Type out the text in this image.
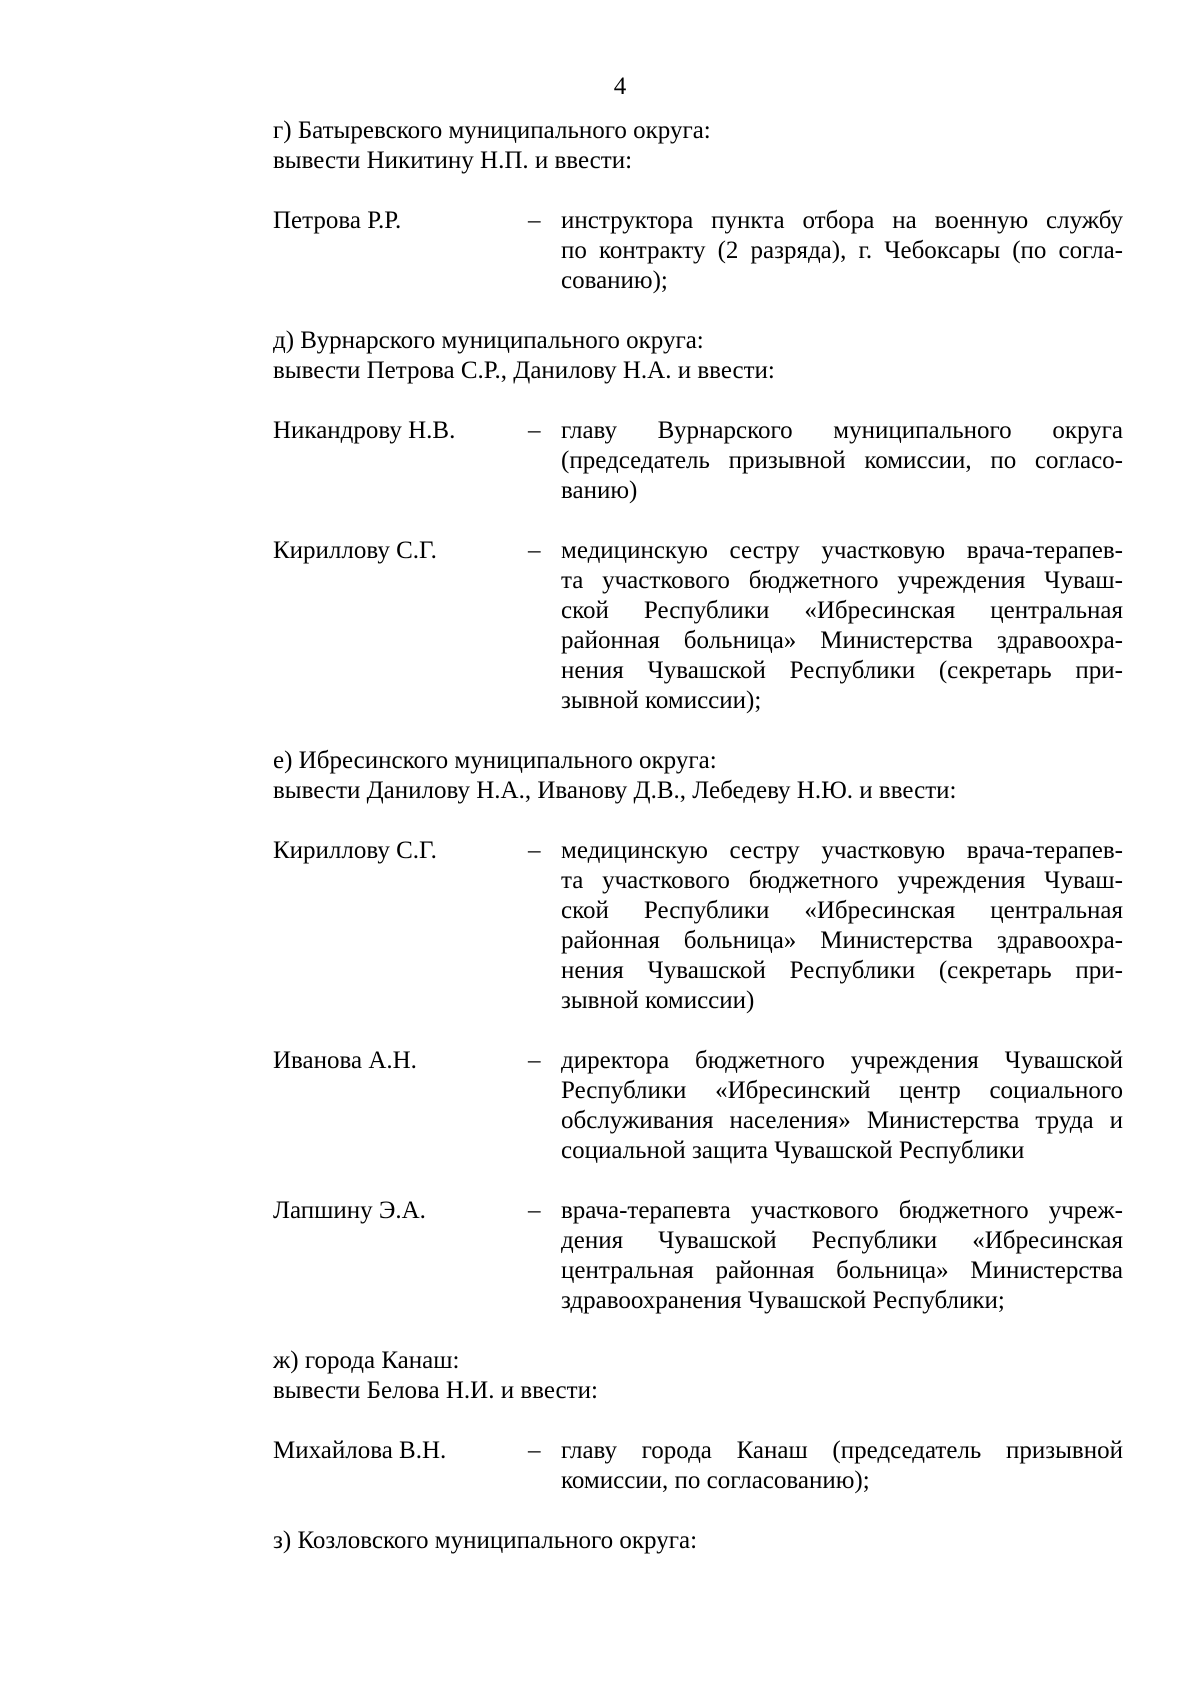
4
г) Батыревского муниципального округа:
вывести Никитину Н.П. и ввести:
Петрова Р.Р.	– инструктора пункта отбора на военную службу
по контракту (2 разряда), г. Чебоксары (по согла-
сованию);
д) Вурнарского муниципального округа:
вывести Петрова С.Р., Данилову Н.А. и ввести:
Никандрову Н.В.	– главу Вурнарского муниципального округа
(председатель призывной комиссии, по согласо-
ванию)
Кириллову С.Г.	– медицинскую сестру участковую врача-терапев-
та участкового бюджетного учреждения Чуваш-
ской Республики «Ибресинская центральная
районная больница» Министерства здравоохра-
нения Чувашской Республики (секретарь при-
зывной комиссии);
е) Ибресинского муниципального округа:
вывести Данилову Н.А., Иванову Д.В., Лебедеву Н.Ю. и ввести:
Кириллову С.Г.	– медицинскую сестру участковую врача-терапев-
та участкового бюджетного учреждения Чуваш-
ской Республики «Ибресинская центральная
районная больница» Министерства здравоохра-
нения Чувашской Республики (секретарь при-
зывной комиссии)
Иванова А.Н.	– директора бюджетного учреждения Чувашской
Республики «Ибресинский центр социального
обслуживания населения» Министерства труда и
социальной защита Чувашской Республики
Лапшину Э.А.	– врача-терапевта участкового бюджетного учреж-
дения Чувашской Республики «Ибресинская
центральная районная больница» Министерства
здравоохранения Чувашской Республики;
ж) города Канаш:
вывести Белова Н.И. и ввести:
Михайлова В.Н.	– главу города Канаш (председатель призывной
комиссии, по согласованию);
з) Козловского муниципального округа:
